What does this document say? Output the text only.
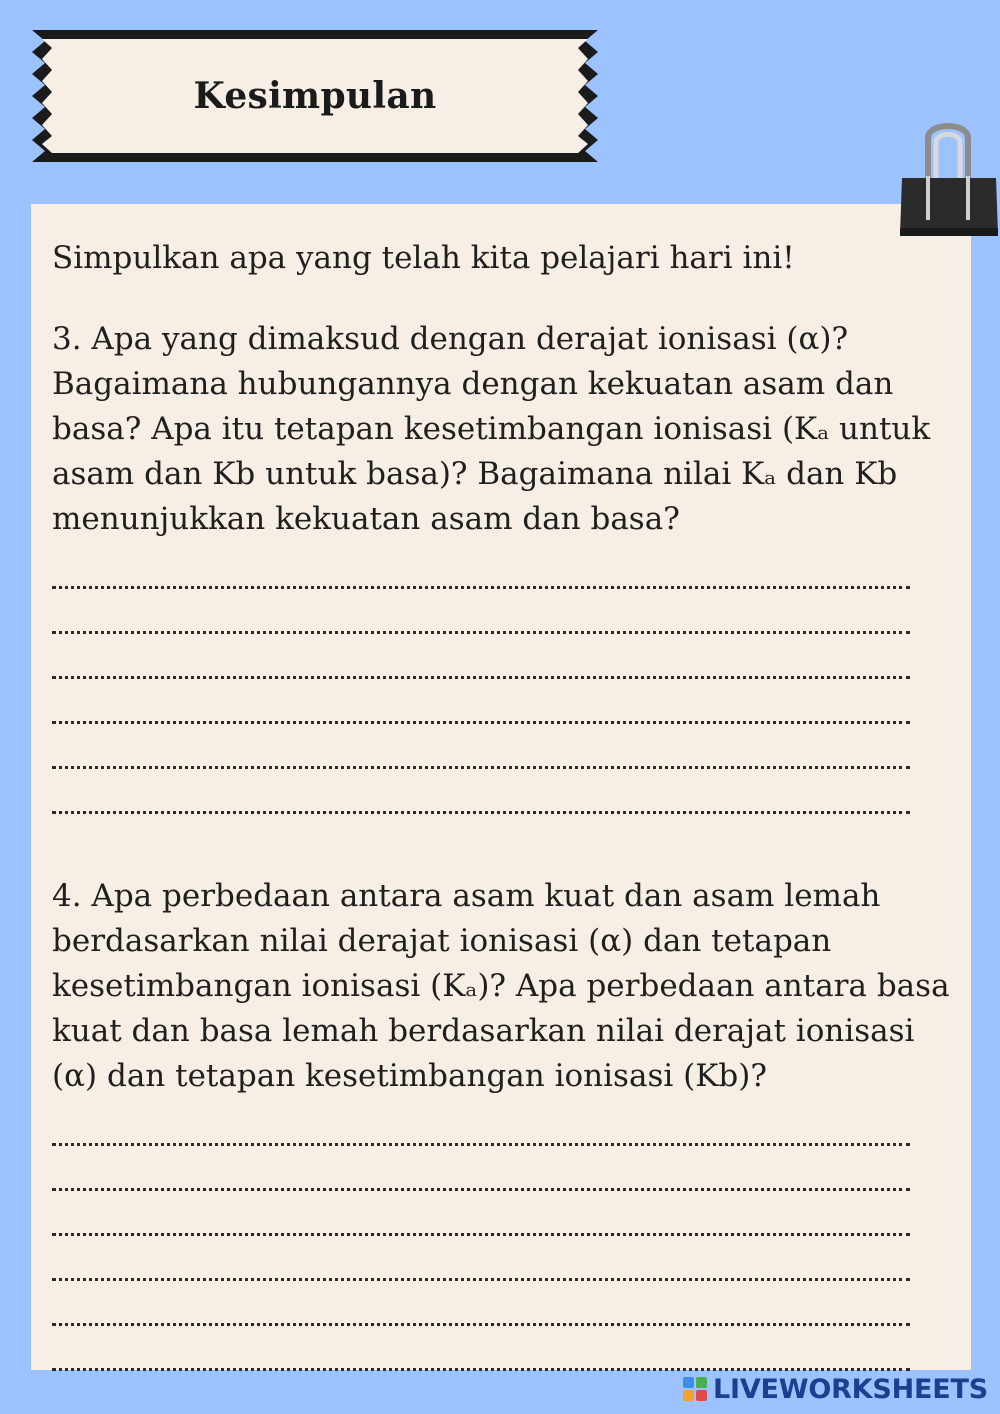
Kesimpulan

Simpulkan apa yang telah kita pelajari hari ini!

3. Apa yang dimaksud dengan derajat ionisasi (α)?
Bagaimana hubungannya dengan kekuatan asam dan
basa? Apa itu tetapan kesetimbangan ionisasi (Kₐ untuk
asam dan Kb untuk basa)? Bagaimana nilai Kₐ dan Kb
menunjukkan kekuatan asam dan basa?
4. Apa perbedaan antara asam kuat dan asam lemah
berdasarkan nilai derajat ionisasi (α) dan tetapan
kesetimbangan ionisasi (Kₐ)? Apa perbedaan antara basa
kuat dan basa lemah berdasarkan nilai derajat ionisasi
(α) dan tetapan kesetimbangan ionisasi (Kb)?
LIVEWORKSHEETS
